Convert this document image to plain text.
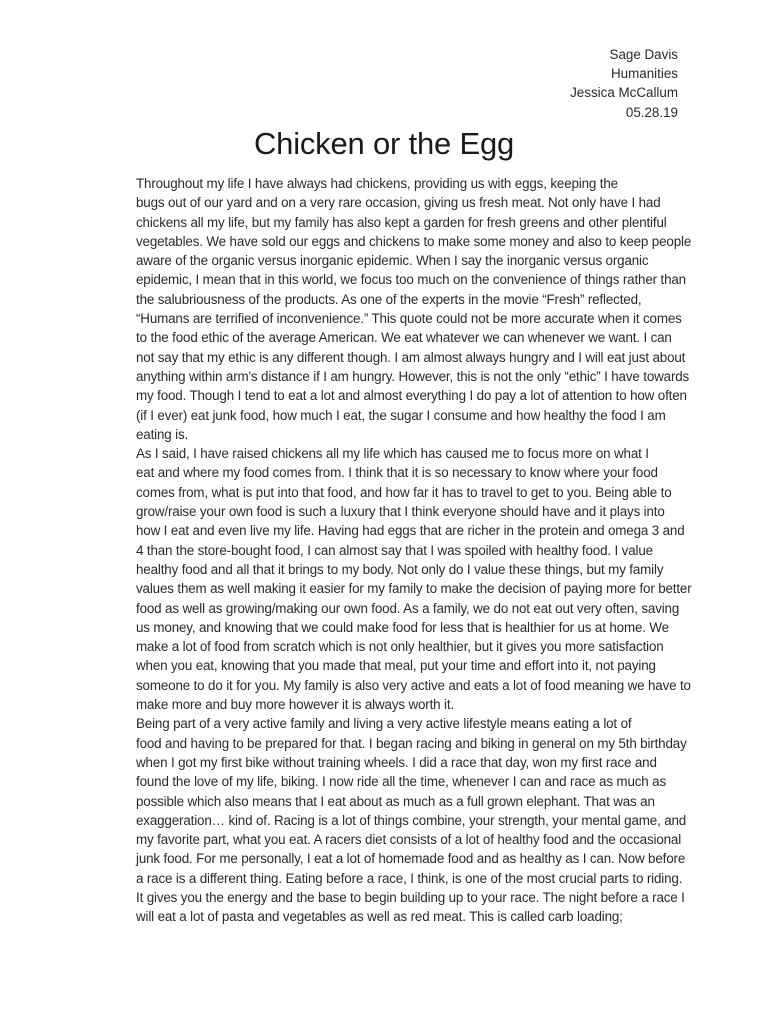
Sage Davis
Humanities
Jessica McCallum
05.28.19
Chicken or the Egg

Throughout my life I have always had chickens, providing us with eggs, keeping the
bugs out of our yard and on a very rare occasion, giving us fresh meat. Not only have I had
chickens all my life, but my family has also kept a garden for fresh greens and other plentiful
vegetables. We have sold our eggs and chickens to make some money and also to keep people
aware of the organic versus inorganic epidemic. When I say the inorganic versus organic
epidemic, I mean that in this world, we focus too much on the convenience of things rather than
the salubriousness of the products. As one of the experts in the movie “Fresh” reflected,
“Humans are terrified of inconvenience.” This quote could not be more accurate when it comes
to the food ethic of the average American. We eat whatever we can whenever we want. I can
not say that my ethic is any different though. I am almost always hungry and I will eat just about
anything within arm's distance if I am hungry. However, this is not the only “ethic” I have towards
my food. Though I tend to eat a lot and almost everything I do pay a lot of attention to how often
(if I ever) eat junk food, how much I eat, the sugar I consume and how healthy the food I am
eating is.

As I said, I have raised chickens all my life which has caused me to focus more on what I
eat and where my food comes from. I think that it is so necessary to know where your food
comes from, what is put into that food, and how far it has to travel to get to you. Being able to
grow/raise your own food is such a luxury that I think everyone should have and it plays into
how I eat and even live my life. Having had eggs that are richer in the protein and omega 3 and
4 than the store-bought food, I can almost say that I was spoiled with healthy food. I value
healthy food and all that it brings to my body. Not only do I value these things, but my family
values them as well making it easier for my family to make the decision of paying more for better
food as well as growing/making our own food. As a family, we do not eat out very often, saving
us money, and knowing that we could make food for less that is healthier for us at home. We
make a lot of food from scratch which is not only healthier, but it gives you more satisfaction
when you eat, knowing that you made that meal, put your time and effort into it, not paying
someone to do it for you. My family is also very active and eats a lot of food meaning we have to
make more and buy more however it is always worth it.

Being part of a very active family and living a very active lifestyle means eating a lot of
food and having to be prepared for that. I began racing and biking in general on my 5th birthday
when I got my first bike without training wheels. I did a race that day, won my first race and
found the love of my life, biking. I now ride all the time, whenever I can and race as much as
possible which also means that I eat about as much as a full grown elephant. That was an
exaggeration… kind of. Racing is a lot of things combine, your strength, your mental game, and
my favorite part, what you eat. A racers diet consists of a lot of healthy food and the occasional
junk food. For me personally, I eat a lot of homemade food and as healthy as I can. Now before
a race is a different thing. Eating before a race, I think, is one of the most crucial parts to riding.
It gives you the energy and the base to begin building up to your race. The night before a race I
will eat a lot of pasta and vegetables as well as red meat. This is called carb loading;
